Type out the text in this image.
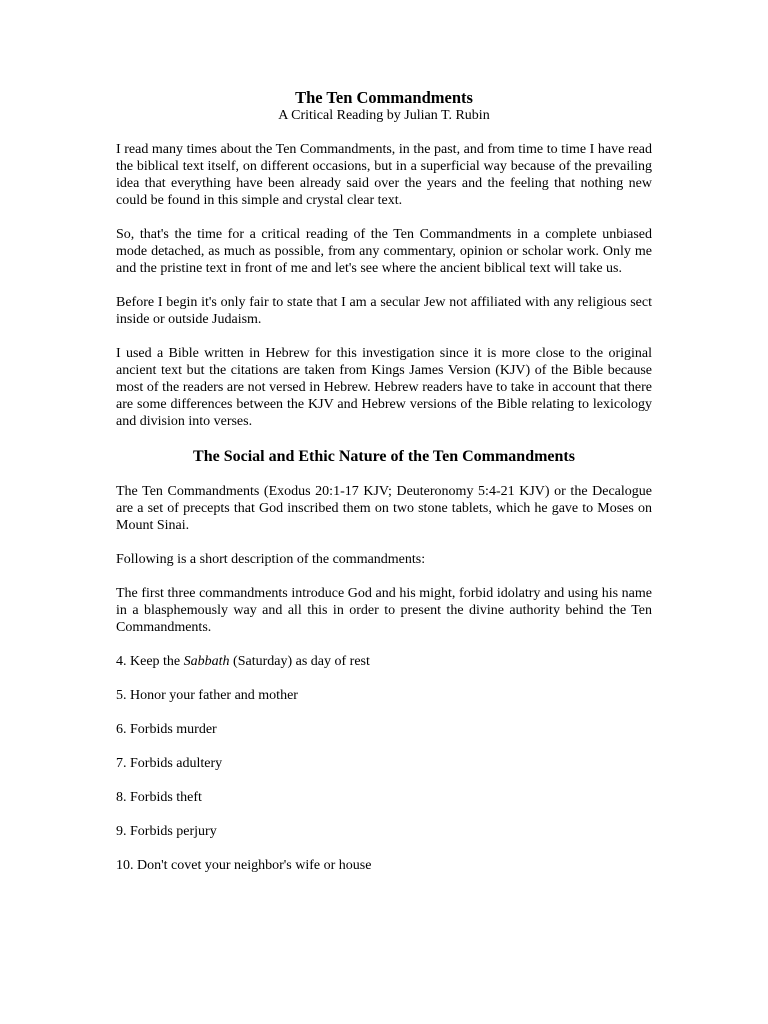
The Ten Commandments

A Critical Reading by Julian T. Rubin

I read many times about the Ten Commandments, in the past, and from time to time I have read the biblical text itself, on different occasions, but in a superficial way because of the prevailing idea that everything have been already said over the years and the feeling that nothing new could be found in this simple and crystal clear text.

So, that's the time for a critical reading of the Ten Commandments in a complete unbiased mode detached, as much as possible, from any commentary, opinion or scholar work. Only me and the pristine text in front of me and let's see where the ancient biblical text will take us.

Before I begin it's only fair to state that I am a secular Jew not affiliated with any religious sect inside or outside Judaism.

I used a Bible written in Hebrew for this investigation since it is more close to the original ancient text but the citations are taken from Kings James Version (KJV) of the Bible because most of the readers are not versed in Hebrew. Hebrew readers have to take in account that there are some differences between the KJV and Hebrew versions of the Bible relating to lexicology and division into verses.

The Social and Ethic Nature of the Ten Commandments

The Ten Commandments (Exodus 20:1-17 KJV; Deuteronomy 5:4-21 KJV) or the Decalogue are a set of precepts that God inscribed them on two stone tablets, which he gave to Moses on Mount Sinai.

Following is a short description of the commandments:

The first three commandments introduce God and his might, forbid idolatry and using his name in a blasphemously way and all this in order to present the divine authority behind the Ten Commandments.

4. Keep the Sabbath (Saturday) as day of rest

5. Honor your father and mother

6. Forbids murder

7. Forbids adultery

8. Forbids theft

9. Forbids perjury

10. Don't covet your neighbor's wife or house
